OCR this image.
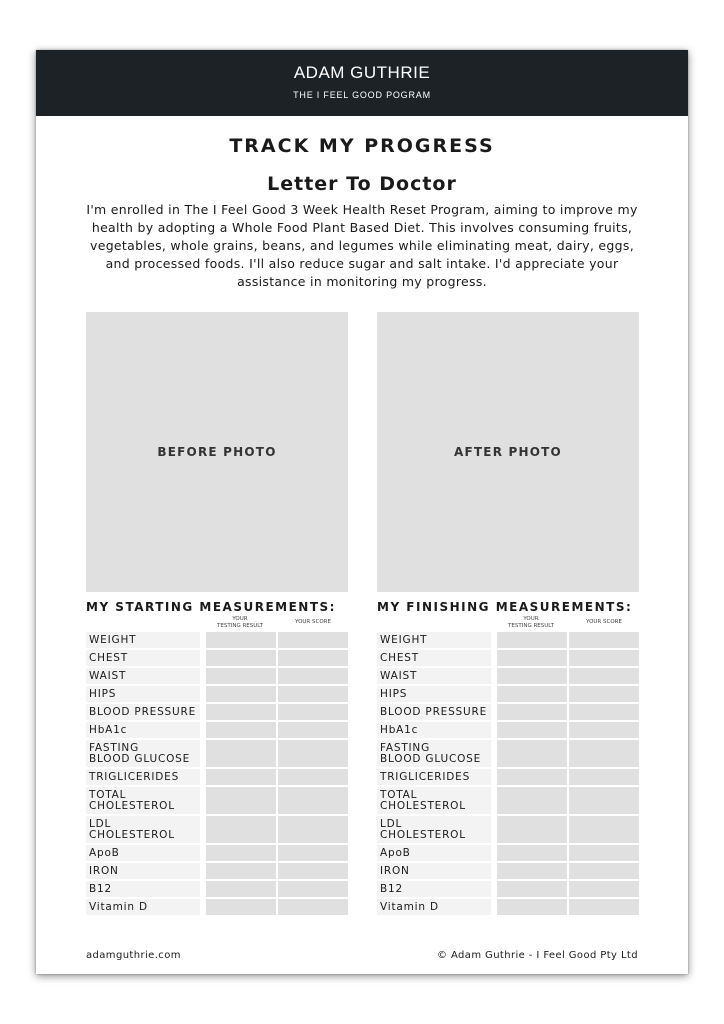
ADAM GUTHRIE
THE I FEEL GOOD POGRAM
TRACK MY PROGRESS
Letter To Doctor
I'm enrolled in The I Feel Good 3 Week Health Reset Program, aiming to improve my health by adopting a Whole Food Plant Based Diet. This involves consuming fruits, vegetables, whole grains, beans, and legumes while eliminating meat, dairy, eggs, and processed foods. I'll also reduce sugar and salt intake. I'd appreciate your assistance in monitoring my progress.
BEFORE PHOTO	AFTER PHOTO
MY STARTING MEASUREMENTS:
YOUR
TESTING RESULT
YOUR SCORE
WEIGHT
CHEST
WAIST
HIPS
BLOOD PRESSURE
HbA1c
FASTING
BLOOD GLUCOSE
TRIGLICERIDES
TOTAL
CHOLESTEROL
LDL
CHOLESTEROL
ApoB
IRON
B12
Vitamin D
MY FINISHING MEASUREMENTS:
YOUR
TESTING RESULT
YOUR SCORE
WEIGHT
CHEST
WAIST
HIPS
BLOOD PRESSURE
HbA1c
FASTING
BLOOD GLUCOSE
TRIGLICERIDES
TOTAL
CHOLESTEROL
LDL
CHOLESTEROL
ApoB
IRON
B12
Vitamin D
adamguthrie.com	© Adam Guthrie - I Feel Good Pty Ltd
